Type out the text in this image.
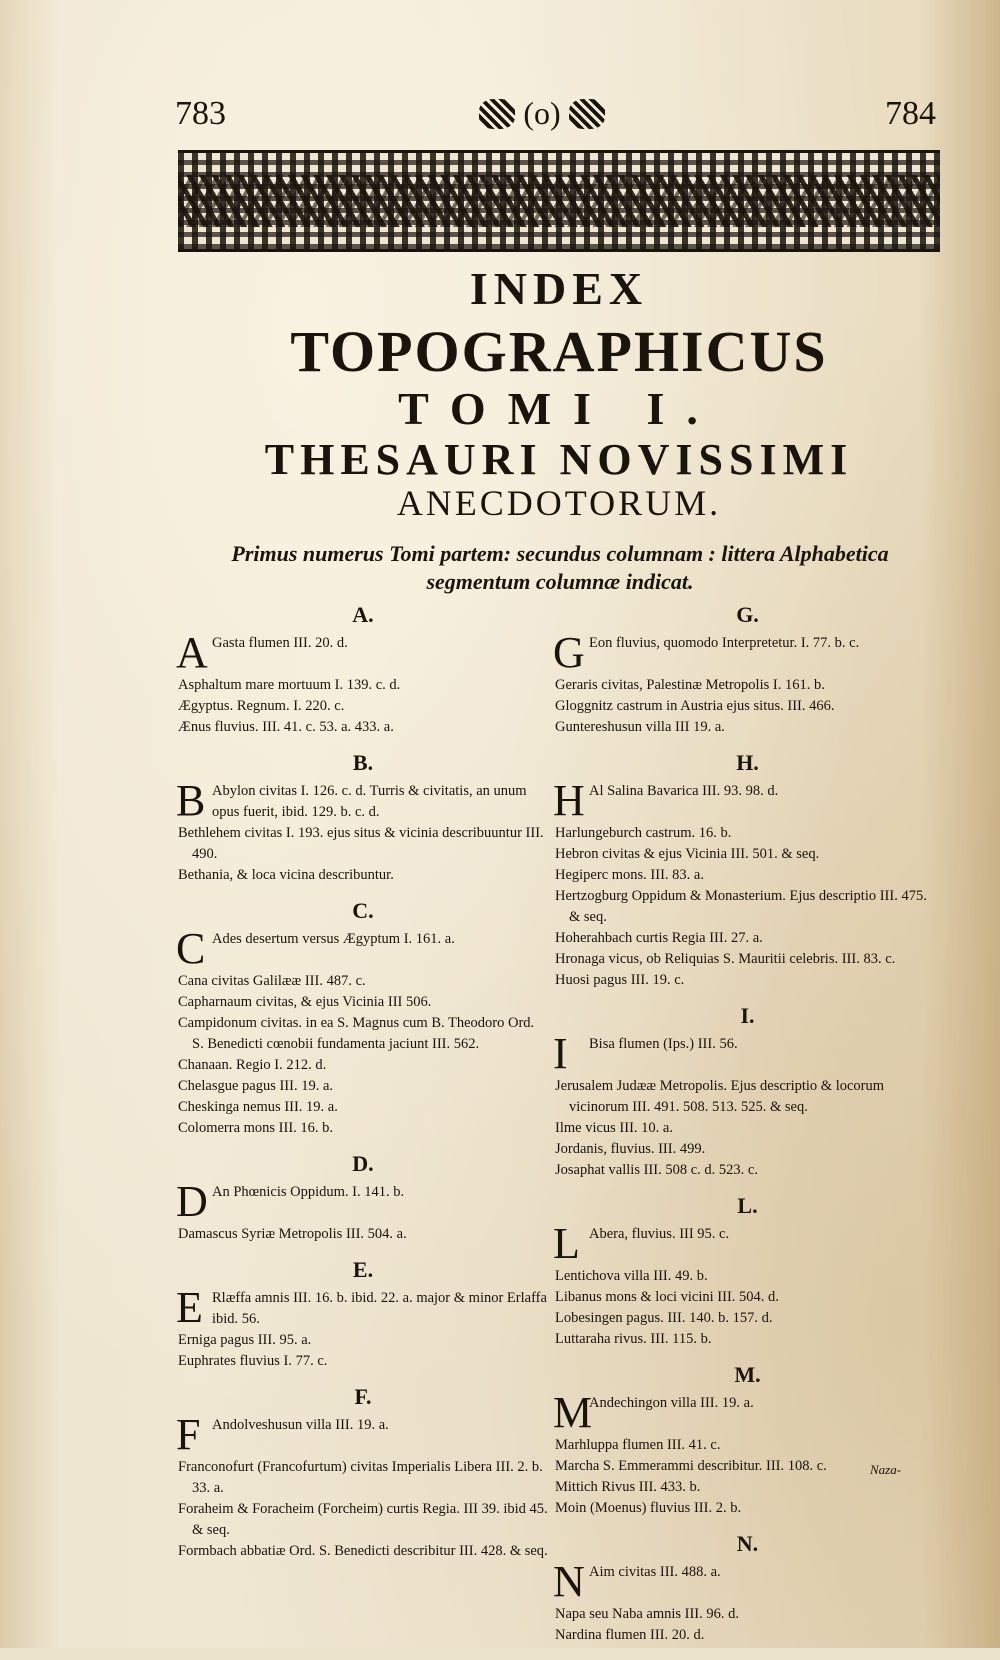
783	(o)	784
INDEX
TOPOGRAPHICUS
TOMI I.
THESAURI NOVISSIMI
ANECDOTORUM.
Primus numerus Tomi partem: secundus columnam : littera Alphabetica segmentum columnæ indicat.
A.
A Gasta flumen III. 20. d.
Asphaltum mare mortuum I. 139. c. d.
Ægyptus. Regnum. I. 220. c.
Ænus fluvius. III. 41. c. 53. a. 433. a.
B.
B Abylon civitas I. 126. c. d. Turris & civitatis, an unum opus fuerit, ibid. 129. b. c. d.
Bethlehem civitas I. 193. ejus situs & vicinia describuuntur III. 490.
Bethania, & loca vicina describuntur.
C.
C Ades desertum versus Ægyptum I. 161. a.
Cana civitas Galilææ III. 487. c.
Capharnaum civitas, & ejus Vicinia III 506.
Campidonum civitas. in ea S. Magnus cum B. Theodoro Ord. S. Benedicti cœnobii fundamenta jaciunt III. 562.
Chanaan. Regio I. 212. d.
Chelasgue pagus III. 19. a.
Cheskinga nemus III. 19. a.
Colomerra mons III. 16. b.
D.
D An Phœnicis Oppidum. I. 141. b.
Damascus Syriæ Metropolis III. 504. a.
E.
E Rlæffa amnis III. 16. b. ibid. 22. a. major & minor Erlaffa ibid. 56.
Erniga pagus III. 95. a.
Euphrates fluvius I. 77. c.
F.
F Andolveshusun villa III. 19. a.
Franconofurt (Francofurtum) civitas Imperialis Libera III. 2. b. 33. a.
Foraheim & Foracheim (Forcheim) curtis Regia. III 39. ibid 45. & seq.
Formbach abbatiæ Ord. S. Benedicti describitur III. 428. & seq.
G.
G Eon fluvius, quomodo Interpretetur. I. 77. b. c.
Geraris civitas, Palestinæ Metropolis I. 161. b.
Gloggnitz castrum in Austria ejus situs. III. 466.
Guntereshusun villa III 19. a.
H.
H Al Salina Bavarica III. 93. 98. d.
Harlungeburch castrum. 16. b.
Hebron civitas & ejus Vicinia III. 501. & seq.
Hegiperc mons. III. 83. a.
Hertzogburg Oppidum & Monasterium. Ejus descriptio III. 475. & seq.
Hoherahbach curtis Regia III. 27. a.
Hronaga vicus, ob Reliquias S. Mauritii celebris. III. 83. c.
Huosi pagus III. 19. c.
I.
I Bisa flumen (Ips.) III. 56.
Jerusalem Judææ Metropolis. Ejus descriptio & locorum vicinorum III. 491. 508. 513. 525. & seq.
Ilme vicus III. 10. a.
Jordanis, fluvius. III. 499.
Josaphat vallis III. 508 c. d. 523. c.
L.
L Abera, fluvius. III 95. c.
Lentichova villa III. 49. b.
Libanus mons & loci vicini III. 504. d.
Lobesingen pagus. III. 140. b. 157. d.
Luttaraha rivus. III. 115. b.
M.
M
Andechingon villa III. 19. a.
Marhluppa flumen III. 41. c.
Marcha S. Emmerammi describitur. III. 108. c.
Mittich Rivus III. 433. b.
Moin (Moenus) fluvius III. 2. b.
N.
N Aim civitas III. 488. a.
Napa seu Naba amnis III. 96. d.
Nardina flumen III. 20. d.
Naza-
